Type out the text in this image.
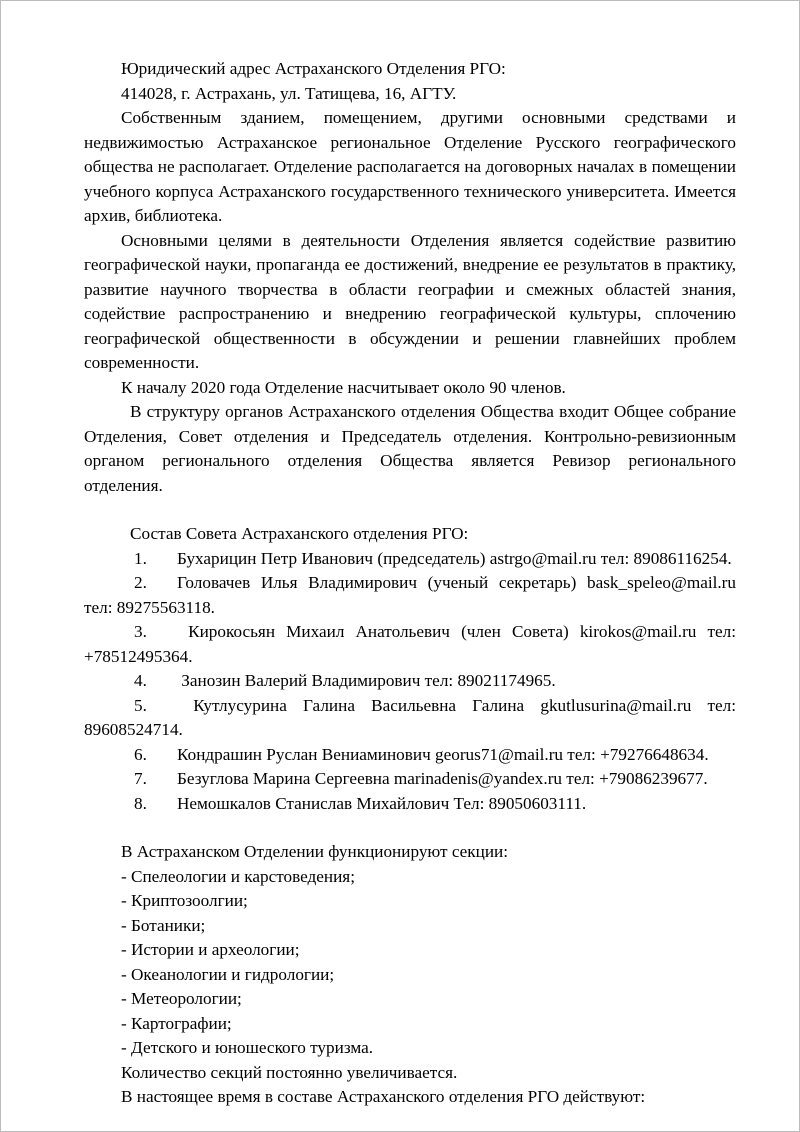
Юридический адрес Астраханского Отделения РГО:

414028, г. Астрахань, ул. Татищева, 16, АГТУ.

Собственным зданием, помещением, другими основными средствами и недвижимостью Астраханское региональное Отделение Русского географического общества не располагает. Отделение располагается на договорных началах в помещении учебного корпуса Астраханского государственного технического университета. Имеется архив, библиотека.

Основными целями в деятельности Отделения является содействие развитию географической науки, пропаганда ее достижений, внедрение ее результатов в практику, развитие научного творчества в области географии и смежных областей знания, содействие распространению и внедрению географической культуры, сплочению географической общественности в обсуждении и решении главнейших проблем современности.

К началу 2020 года Отделение насчитывает около 90 членов.

В структуру органов Астраханского отделения Общества входит Общее собрание Отделения, Совет отделения и Председатель отделения. Контрольно-ревизионным органом регионального отделения Общества является Ревизор регионального отделения.

Состав Совета Астраханского отделения РГО:

1. Бухарицин Петр Иванович (председатель) astrgo@mail.ru тел: 89086116254.

2. Головачев Илья Владимирович (ученый секретарь) bask_speleo@mail.ru тел: 89275563118.

3. Кирокосьян Михаил Анатольевич (член Совета) kirokos@mail.ru тел: +78512495364.

4. Занозин Валерий Владимирович тел: 89021174965.

5. Кутлусурина Галина Васильевна Галина gkutlusurina@mail.ru тел: 89608524714.

6. Кондрашин Руслан Вениаминович georus71@mail.ru тел: +79276648634.

7. Безуглова Марина Сергеевна marinadenis@yandex.ru тел: +79086239677.

8. Немошкалов Станислав Михайлович Тел: 89050603111.

В Астраханском Отделении функционируют секции:

- Спелеологии и карстоведения;

- Криптозоолгии;

- Ботаники;

- Истории и археологии;

- Океанологии и гидрологии;

- Метеорологии;

- Картографии;

- Детского и юношеского туризма.

Количество секций постоянно увеличивается.

В настоящее время в составе Астраханского отделения РГО действуют:
